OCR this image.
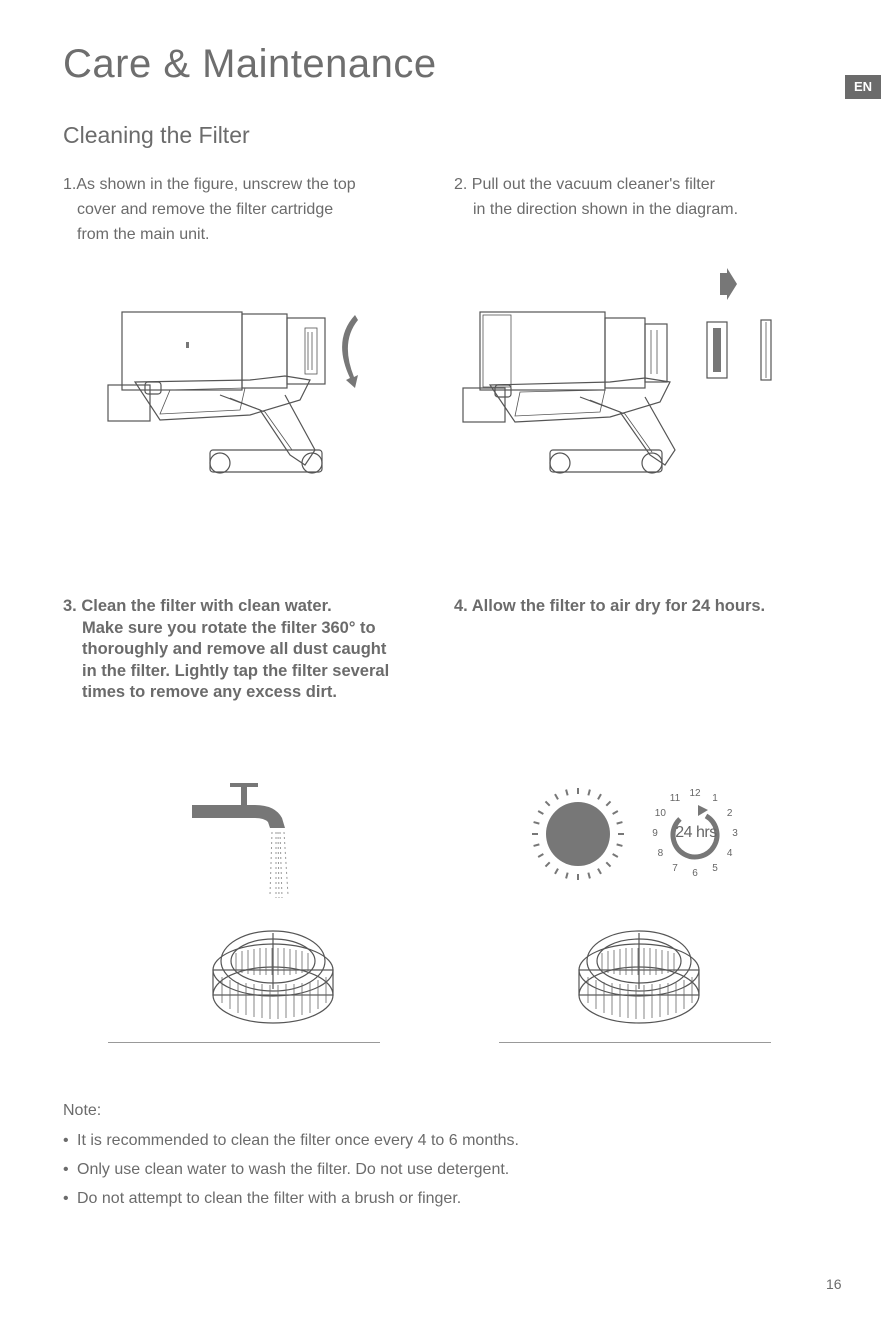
Care & Maintenance
EN
Cleaning the Filter
1.As shown in the figure, unscrew the top
cover and remove the filter cartridge
from the main unit.
2. Pull out the vacuum cleaner's filter
in the direction shown in the diagram.
3. Clean the filter with clean water.
Make sure you rotate the filter 360° to
thoroughly and remove all dust caught
in the filter. Lightly tap the filter several
times to remove any excess dirt.
4. Allow the filter to air dry for 24 hours.
24 hrs
12	1
2
3
4
5
6
7
8
9
10
11
Note:
• It is recommended to clean the filter once every 4 to 6 months.
• Only use clean water to wash the filter. Do not use detergent.
• Do not attempt to clean the filter with a brush or finger.
16
